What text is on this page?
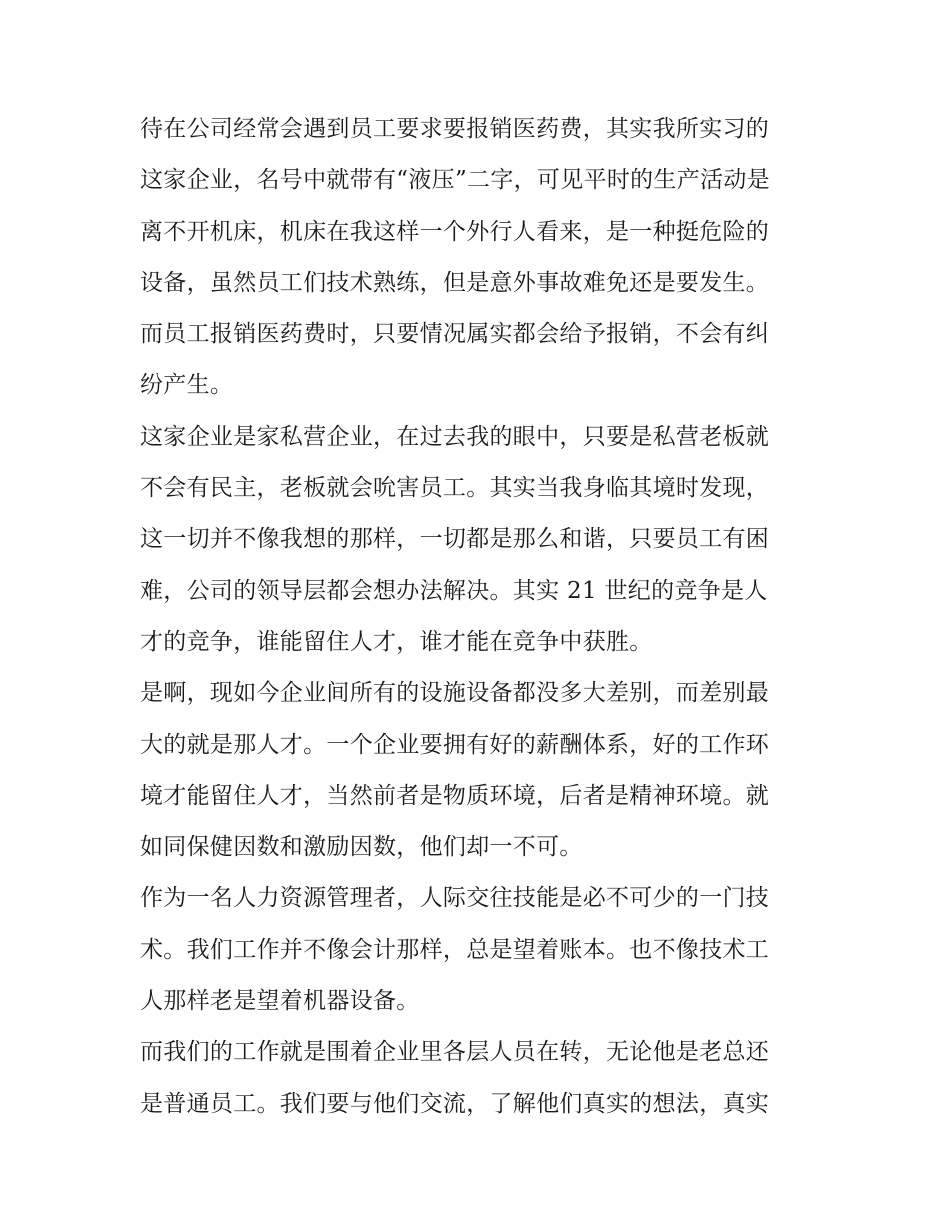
待在公司经常会遇到员工要求要报销医药费，其实我所实习的
这家企业，名号中就带有“液压”二字，可见平时的生产活动是
离不开机床，机床在我这样一个外行人看来，是一种挺危险的
设备，虽然员工们技术熟练，但是意外事故难免还是要发生。
而员工报销医药费时，只要情况属实都会给予报销，不会有纠
纷产生。
这家企业是家私营企业，在过去我的眼中，只要是私营老板就
不会有民主，老板就会吮害员工。其实当我身临其境时发现，
这一切并不像我想的那样，一切都是那么和谐，只要员工有困
难，公司的领导层都会想办法解决。其实 21 世纪的竞争是人
才的竞争，谁能留住人才，谁才能在竞争中获胜。
是啊，现如今企业间所有的设施设备都没多大差别，而差别最
大的就是那人才。一个企业要拥有好的薪酬体系，好的工作环
境才能留住人才，当然前者是物质环境，后者是精神环境。就
如同保健因数和激励因数，他们却一不可。
作为一名人力资源管理者，人际交往技能是必不可少的一门技
术。我们工作并不像会计那样，总是望着账本。也不像技术工
人那样老是望着机器设备。
而我们的工作就是围着企业里各层人员在转，无论他是老总还
是普通员工。我们要与他们交流，了解他们真实的想法，真实
